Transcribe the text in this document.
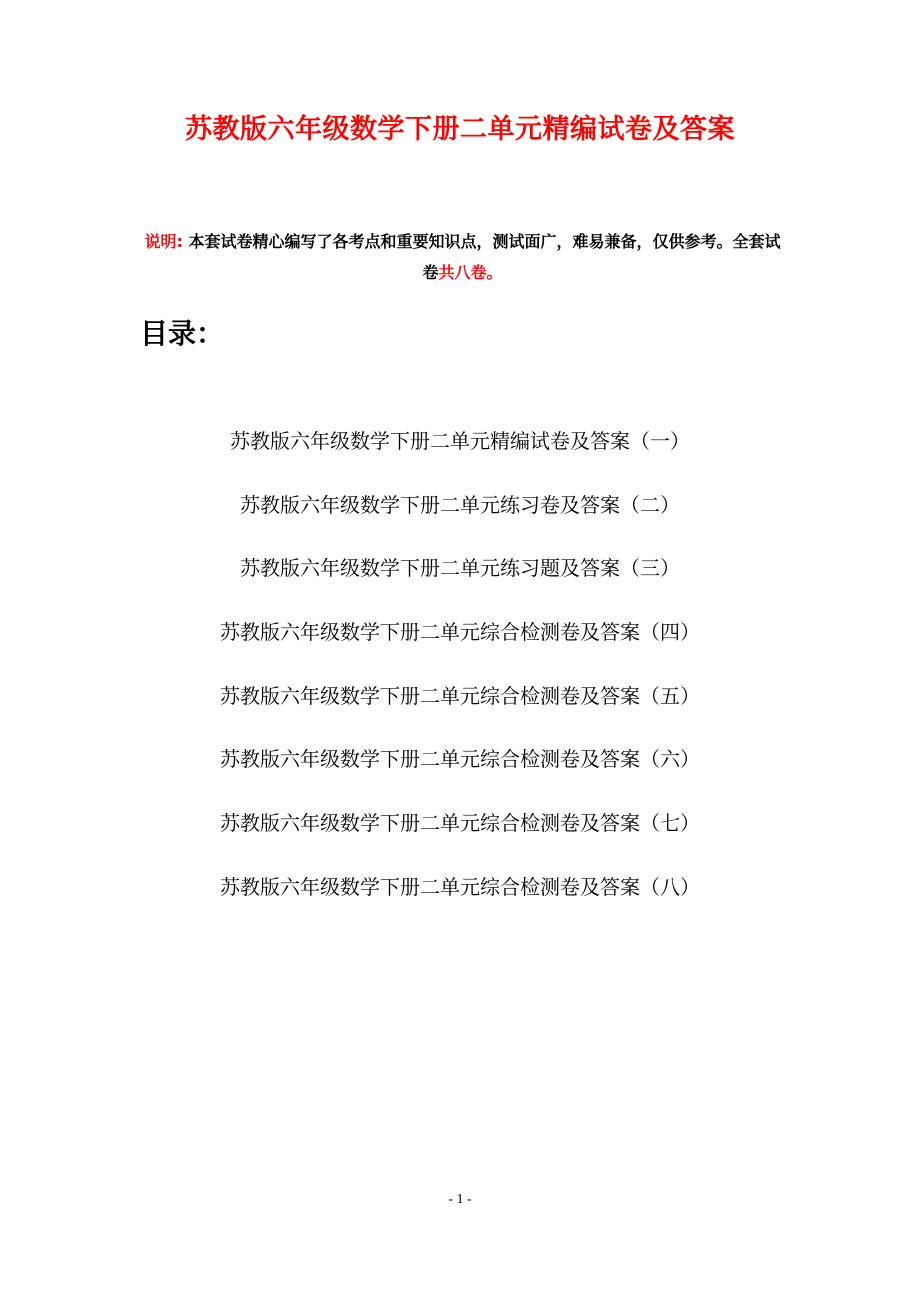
苏教版六年级数学下册二单元精编试卷及答案
说明: 本套试卷精心编写了各考点和重要知识点，测试面广，难易兼备，仅供参考。全套试卷共八卷。
目录：
苏教版六年级数学下册二单元精编试卷及答案（一）
苏教版六年级数学下册二单元练习卷及答案（二）
苏教版六年级数学下册二单元练习题及答案（三）
苏教版六年级数学下册二单元综合检测卷及答案（四）
苏教版六年级数学下册二单元综合检测卷及答案（五）
苏教版六年级数学下册二单元综合检测卷及答案（六）
苏教版六年级数学下册二单元综合检测卷及答案（七）
苏教版六年级数学下册二单元综合检测卷及答案（八）
- 1 -
